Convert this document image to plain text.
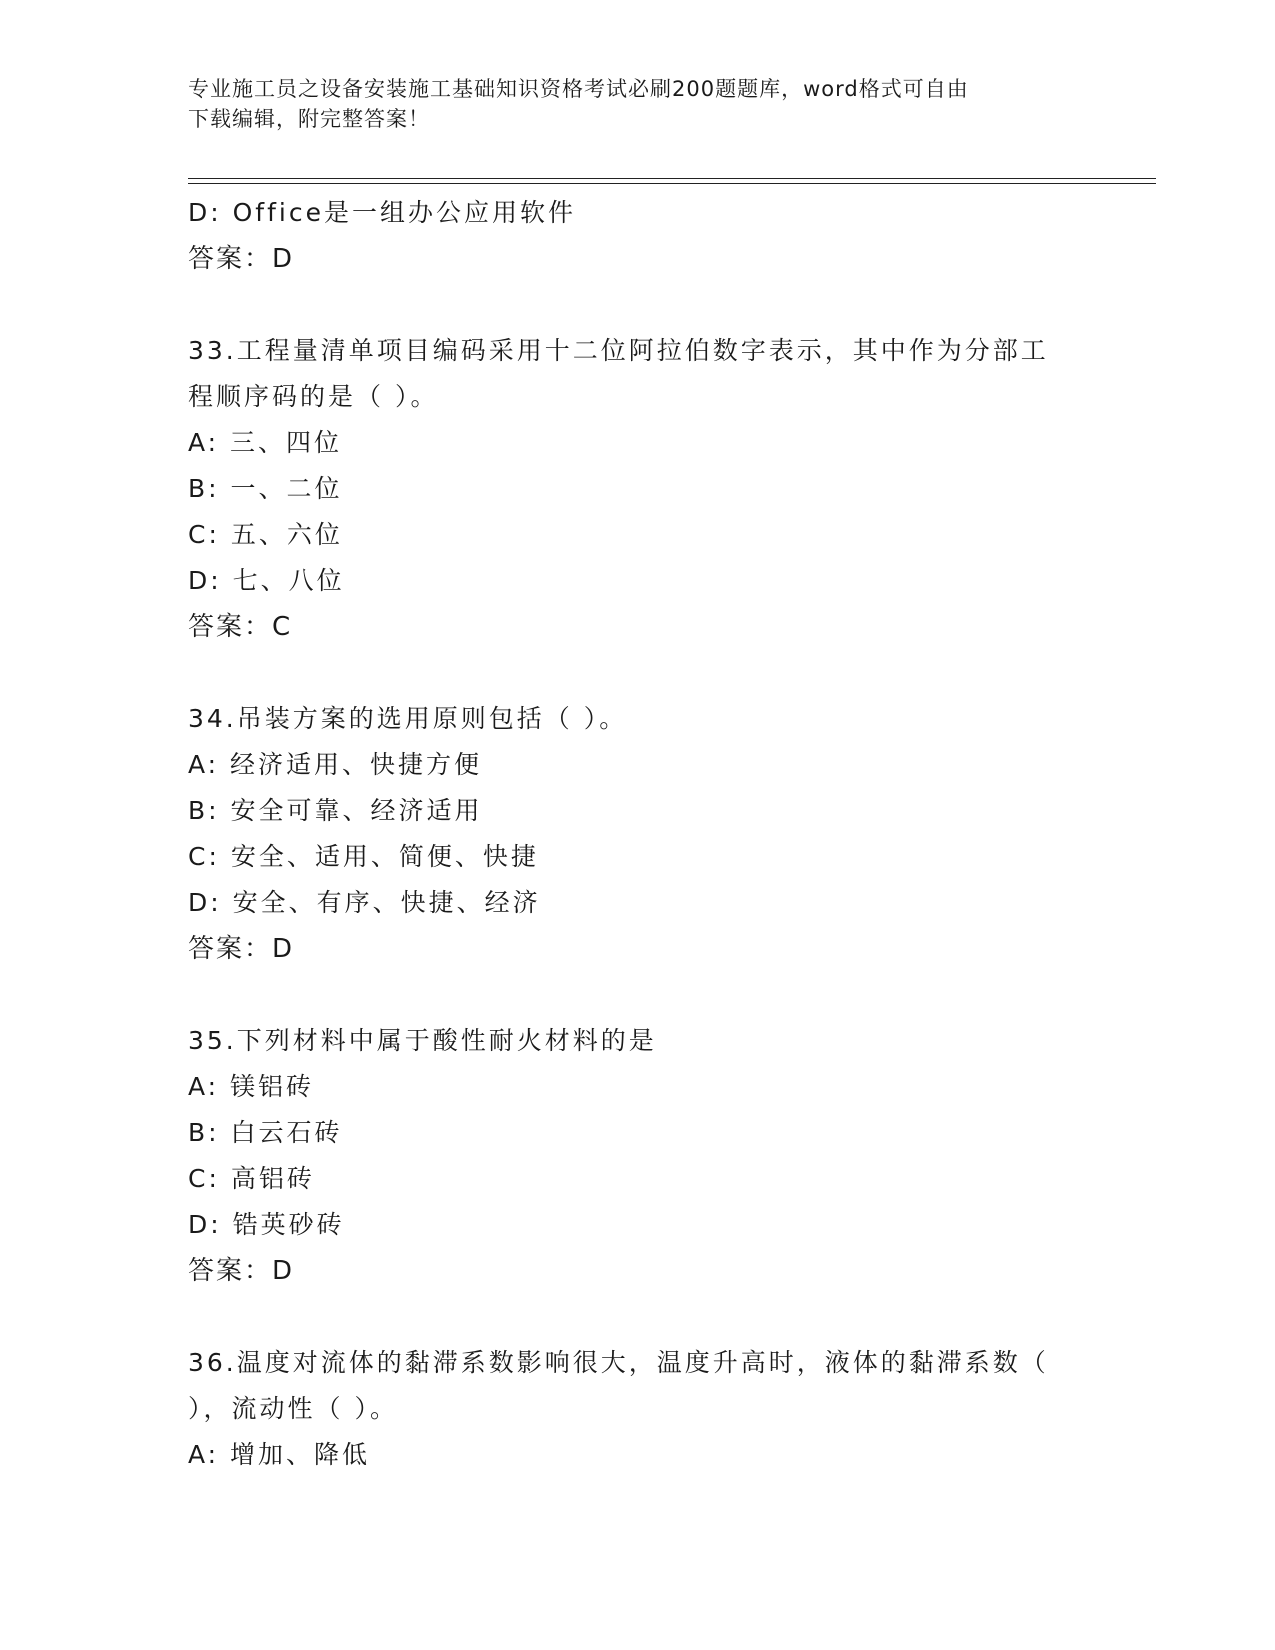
专业施工员之设备安装施工基础知识资格考试必刷200题题库，word格式可自由
下载编辑，附完整答案！
D: Office是一组办公应用软件
答案：D
33.工程量清单项目编码采用十二位阿拉伯数字表示，其中作为分部工
程顺序码的是（ ）。
A: 三、四位
B: 一、二位
C: 五、六位
D: 七、八位
答案：C
34.吊装方案的选用原则包括（ ）。
A: 经济适用、快捷方便
B: 安全可靠、经济适用
C: 安全、适用、简便、快捷
D: 安全、有序、快捷、经济
答案：D
35.下列材料中属于酸性耐火材料的是
A: 镁铝砖
B: 白云石砖
C: 高铝砖
D: 锆英砂砖
答案：D
36.温度对流体的黏滞系数影响很大，温度升高时，液体的黏滞系数（
），流动性（ ）。
A: 增加、降低
